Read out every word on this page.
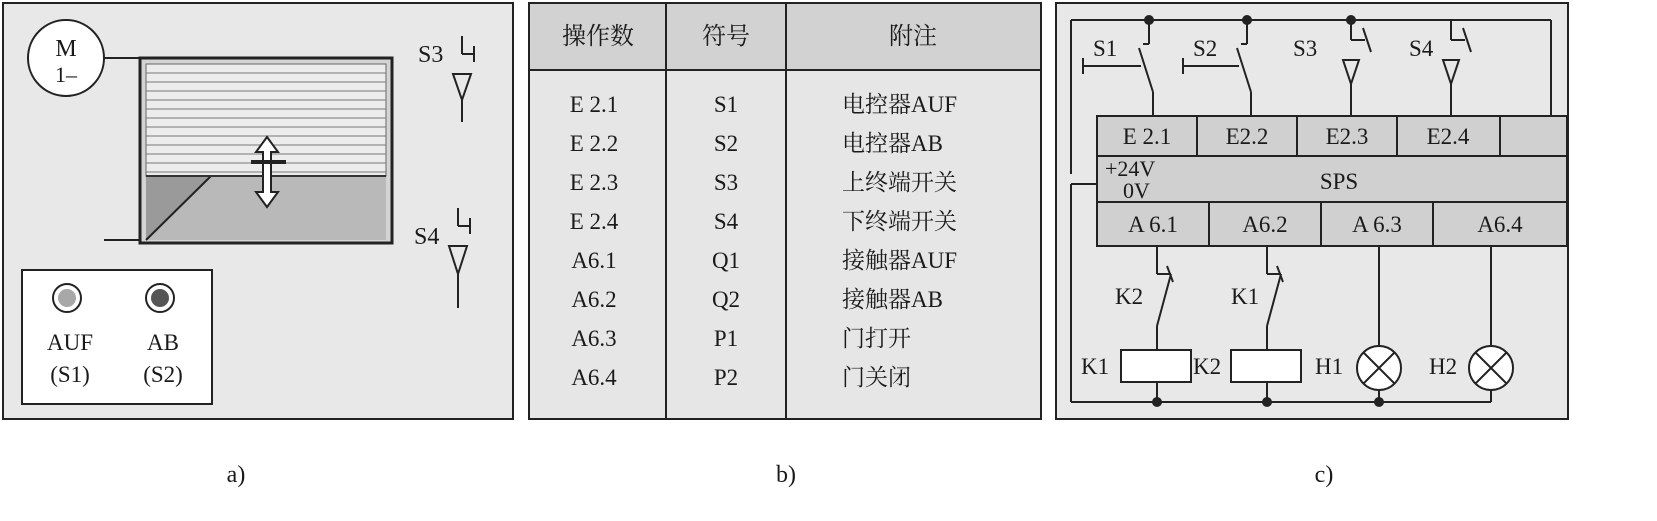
M
1–
S3
S4
AUF
(S1)
AB
(S2)
操作数	符号	附注
E 2.1	S1	电控器AUF
E 2.2	S2	电控器AB
E 2.3	S3	上终端开关
E 2.4	S4	下终端开关
A6.1	Q1	接触器AUF
A6.2	Q2	接触器AB
A6.3	P1	门打开
A6.4	P2	门关闭
S1	S2	S3	S4
E 2.1 E2.2 E2.3	E2.4
+24V
0V	SPS
A 6.1	A6.2	A 6.3	A6.4
K2
K1
K1
K2	H1	H2
a)	b)	c)
